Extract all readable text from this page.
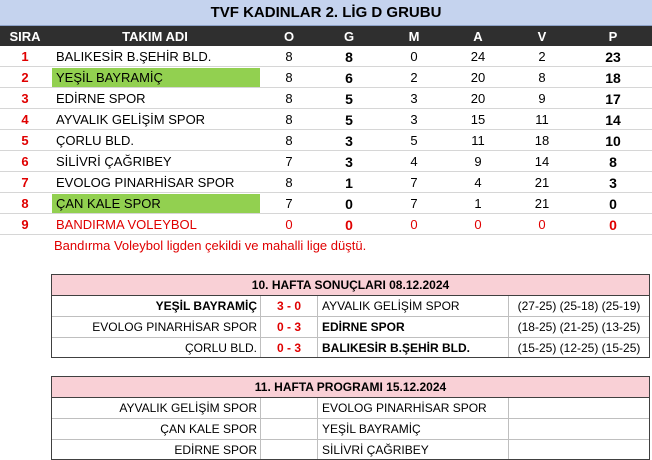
TVF KADINLAR 2. LİG D GRUBU
SIRA	TAKIM ADI	O	G	M	A	V	P
1	BALIKESİR B.ŞEHİR BLD.	8	8	0	24	2	23
2	YEŞİL BAYRAMİÇ	8	6	2	20	8	18
3	EDİRNE SPOR	8	5	3	20	9	17
4	AYVALIK GELİŞİM SPOR	8	5	3	15	11	14
5	ÇORLU BLD.	8	3	5	11	18	10
6	SİLİVRİ ÇAĞRIBEY	7	3	4	9	14	8
7	EVOLOG PINARHİSAR SPOR	8	1	7	4	21	3
8	ÇAN KALE SPOR	7	0	7	1	21	0
9	BANDIRMA VOLEYBOL	0	0	0	0	0	0
Bandırma Voleybol ligden çekildi ve mahalli lige düştü.
10. HAFTA SONUÇLARI 08.12.2024
YEŞİL BAYRAMİÇ	3 - 0	AYVALIK GELİŞİM SPOR	(27-25) (25-18) (25-19)
EVOLOG PINARHİSAR SPOR	0 - 3	EDİRNE SPOR	(18-25) (21-25) (13-25)
ÇORLU BLD.	0 - 3	BALIKESİR B.ŞEHİR BLD.	(15-25) (12-25) (15-25)
11. HAFTA PROGRAMI 15.12.2024
AYVALIK GELİŞİM SPOR	EVOLOG PINARHİSAR SPOR
ÇAN KALE SPOR	YEŞİL BAYRAMİÇ
EDİRNE SPOR	SİLİVRİ ÇAĞRIBEY
